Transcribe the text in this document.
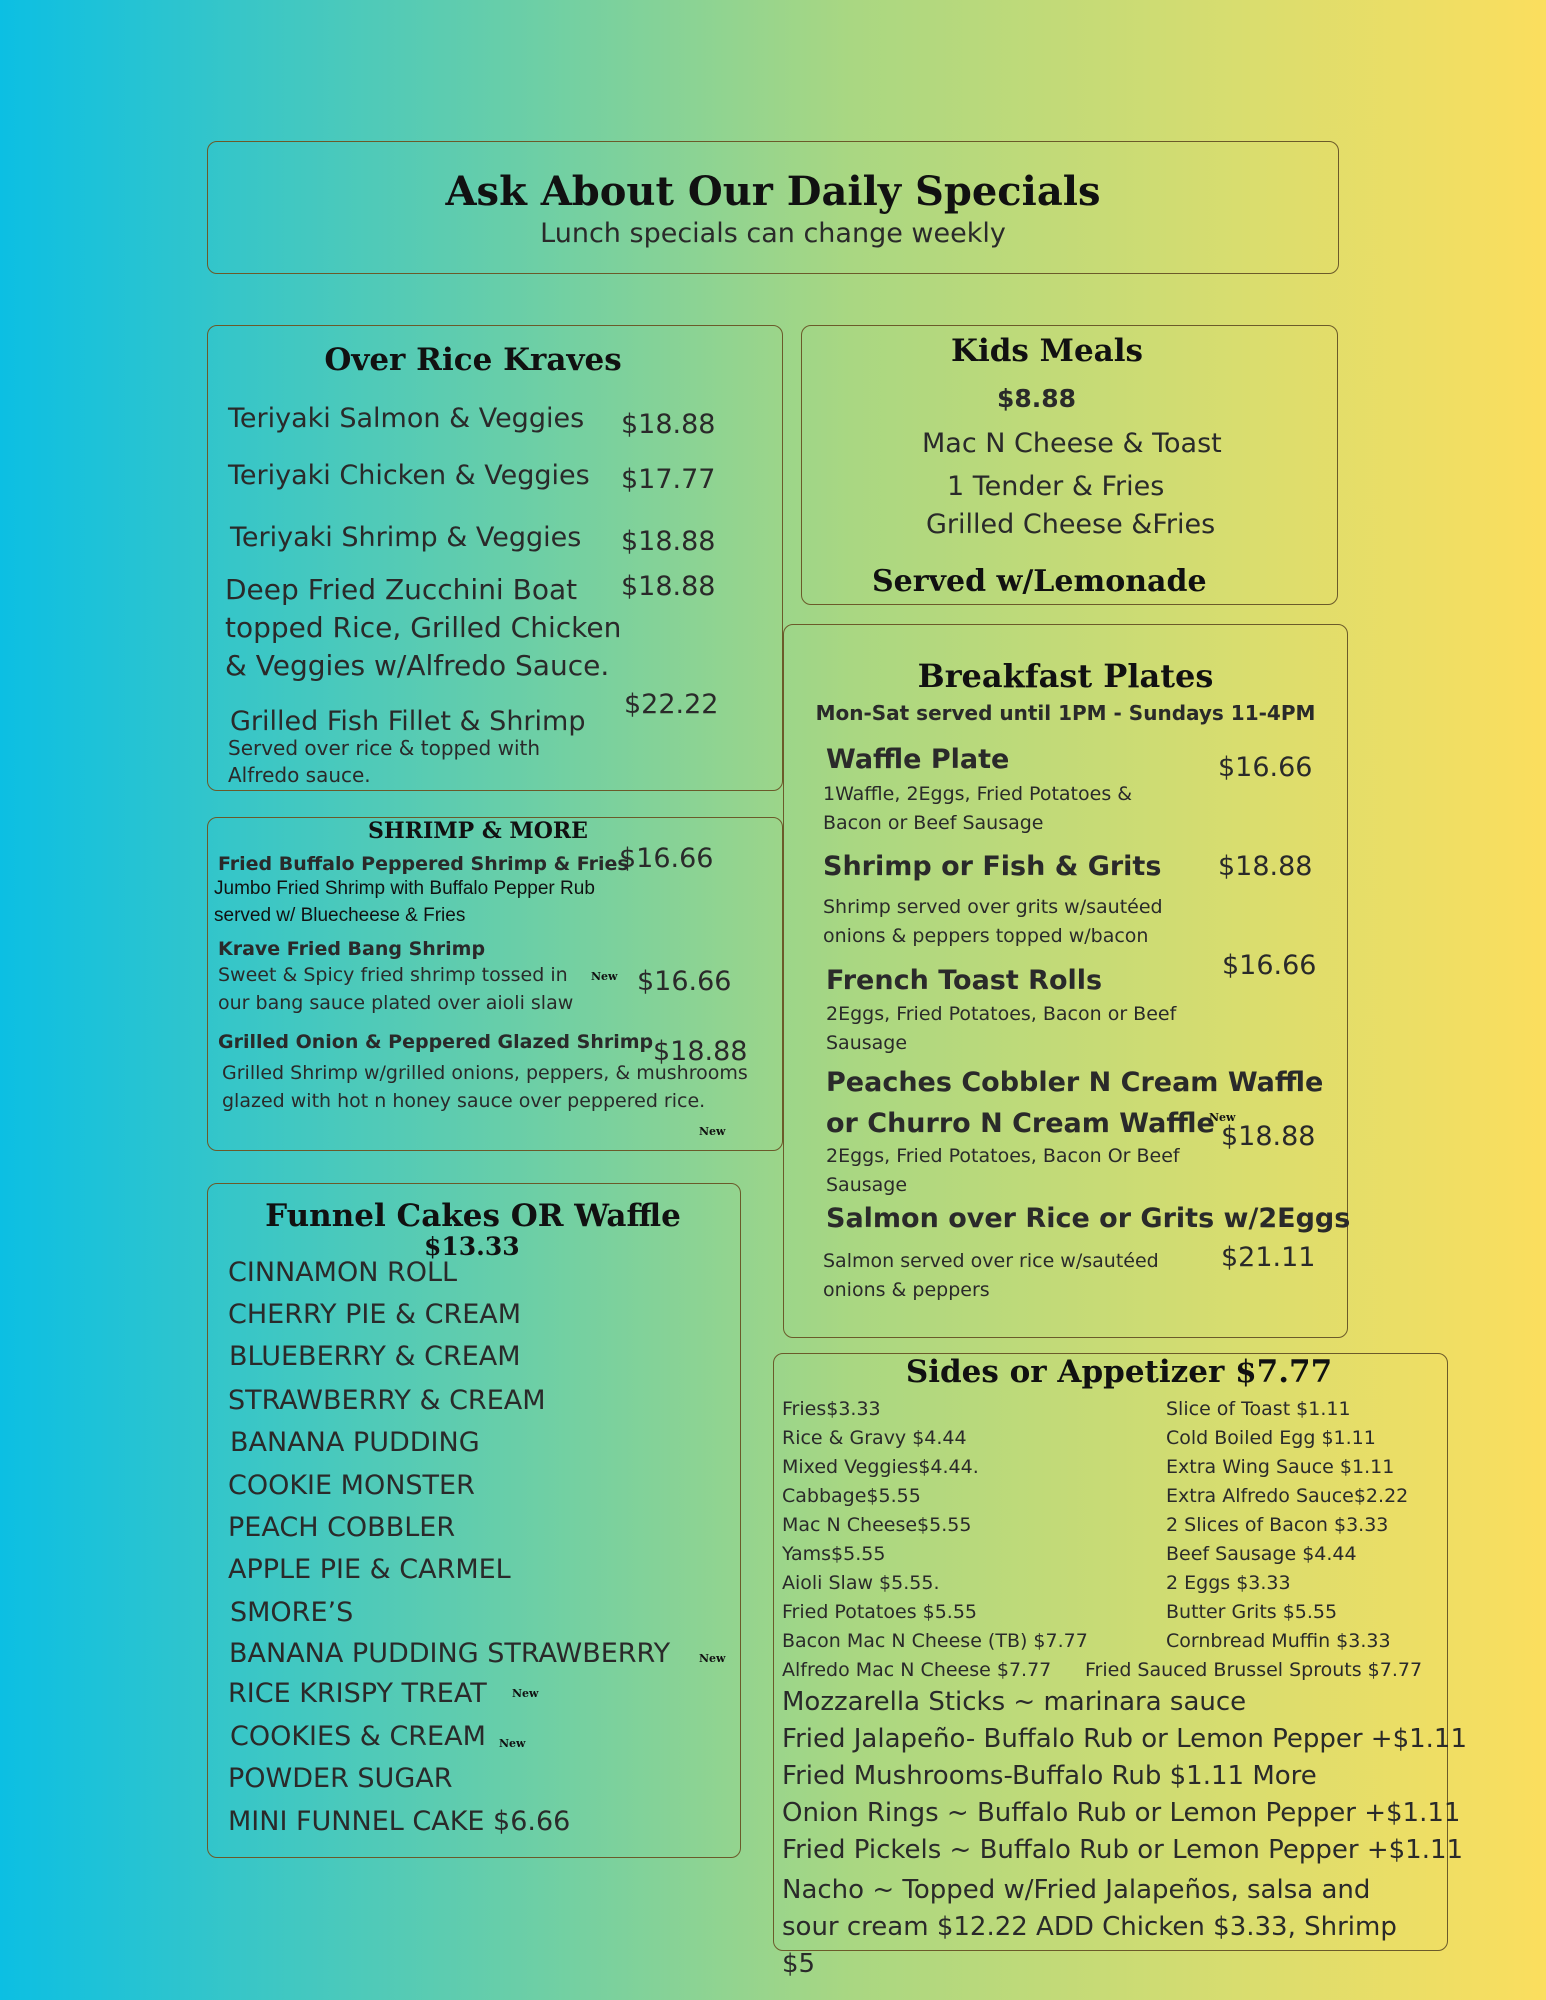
Ask About Our Daily Specials
Lunch specials can change weekly
Over Rice Kraves
Teriyaki Salmon & Veggies $18.88
Teriyaki Chicken & Veggies $17.77
Teriyaki Shrimp & Veggies $18.88
Deep Fried Zucchini Boat topped Rice, Grilled Chicken & Veggies w/Alfredo Sauce.
$18.88
Grilled Fish Fillet & Shrimp
$22.22
Served over rice & topped with Alfredo sauce.
Kids Meals
$8.88
Mac N Cheese & Toast
1 Tender & Fries
Grilled Cheese &Fries
Served w/Lemonade
SHRIMP & MORE
Fried Buffalo Peppered Shrimp & Fries
$16.66
Jumbo Fried Shrimp with Buffalo Pepper Rub served w/ Bluecheese & Fries
Krave Fried Bang Shrimp
Sweet & Spicy fried shrimp tossed in our bang sauce plated over aioli slaw
New $16.66
Grilled Onion & Peppered Glazed Shrimp $18.88
Grilled Shrimp w/grilled onions, peppers, & mushrooms glazed with hot n honey sauce over peppered rice.
New
Breakfast Plates
Mon-Sat served until 1PM - Sundays 11-4PM
Waffle Plate	$16.66
1Waffle, 2Eggs, Fried Potatoes & Bacon or Beef Sausage
Shrimp or Fish & Grits $18.88
Shrimp served over grits w/sautéed onions & peppers topped w/bacon
French Toast Rolls	$16.66
2Eggs, Fried Potatoes, Bacon or Beef Sausage
Peaches Cobbler N Cream Waffle or Churro N Cream Waffle
New
$18.88
2Eggs, Fried Potatoes, Bacon Or Beef Sausage
Salmon over Rice or Grits w/2Eggs
$21.11
Salmon served over rice w/sautéed onions & peppers
Funnel Cakes OR Waffle
$13.33
CINNAMON ROLL
CHERRY PIE & CREAM
BLUEBERRY & CREAM
STRAWBERRY & CREAM
BANANA PUDDING
COOKIE MONSTER
PEACH COBBLER
APPLE PIE & CARMEL
SMORE’S
BANANA PUDDING STRAWBERRY	New
RICE KRISPY TREAT New
COOKIES & CREAM New
POWDER SUGAR
MINI FUNNEL CAKE $6.66
Sides or Appetizer $7.77
Fries$3.33
Rice & Gravy $4.44
Mixed Veggies$4.44.
Cabbage$5.55
Mac N Cheese$5.55
Yams$5.55
Aioli Slaw $5.55.
Fried Potatoes $5.55
Bacon Mac N Cheese (TB) $7.77
Alfredo Mac N Cheese $7.77
Slice of Toast $1.11
Cold Boiled Egg $1.11
Extra Wing Sauce $1.11
Extra Alfredo Sauce$2.22
2 Slices of Bacon $3.33
Beef Sausage $4.44
2 Eggs $3.33
Butter Grits $5.55
Cornbread Muffin $3.33
Fried Sauced Brussel Sprouts $7.77
Mozzarella Sticks ~ marinara sauce
Fried Jalapeño- Buffalo Rub or Lemon Pepper +$1.11
Fried Mushrooms-Buffalo Rub $1.11 More
Onion Rings ~ Buffalo Rub or Lemon Pepper +$1.11
Fried Pickels ~ Buffalo Rub or Lemon Pepper +$1.11
Nacho ~ Topped w/Fried Jalapeños, salsa and sour cream $12.22 ADD Chicken $3.33, Shrimp $5
